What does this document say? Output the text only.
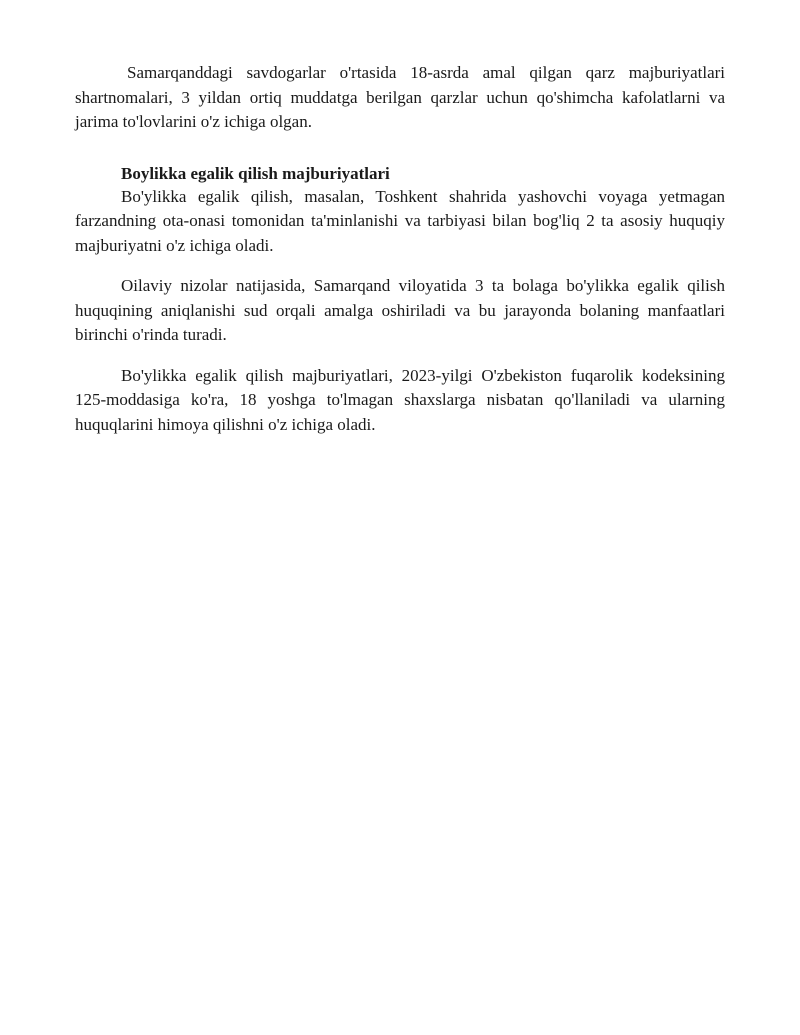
Samarqanddagi savdogarlar o'rtasida 18-asrda amal qilgan qarz majburiyatlari shartnomalari, 3 yildan ortiq muddatga berilgan qarzlar uchun qo'shimcha kafolatlarni va jarima to'lovlarini o'z ichiga olgan.

Boylikka egalik qilish majburiyatlari

Bo'ylikka egalik qilish, masalan, Toshkent shahrida yashovchi voyaga yetmagan farzandning ota-onasi tomonidan ta'minlanishi va tarbiyasi bilan bog'liq 2 ta asosiy huquqiy majburiyatni o'z ichiga oladi.

Oilaviy nizolar natijasida, Samarqand viloyatida 3 ta bolaga bo'ylikka egalik qilish huquqining aniqlanishi sud orqali amalga oshiriladi va bu jarayonda bolaning manfaatlari birinchi o'rinda turadi.

Bo'ylikka egalik qilish majburiyatlari, 2023-yilgi O'zbekiston fuqarolik kodeksining 125-moddasiga ko'ra, 18 yoshga to'lmagan shaxslarga nisbatan qo'llaniladi va ularning huquqlarini himoya qilishni o'z ichiga oladi.
